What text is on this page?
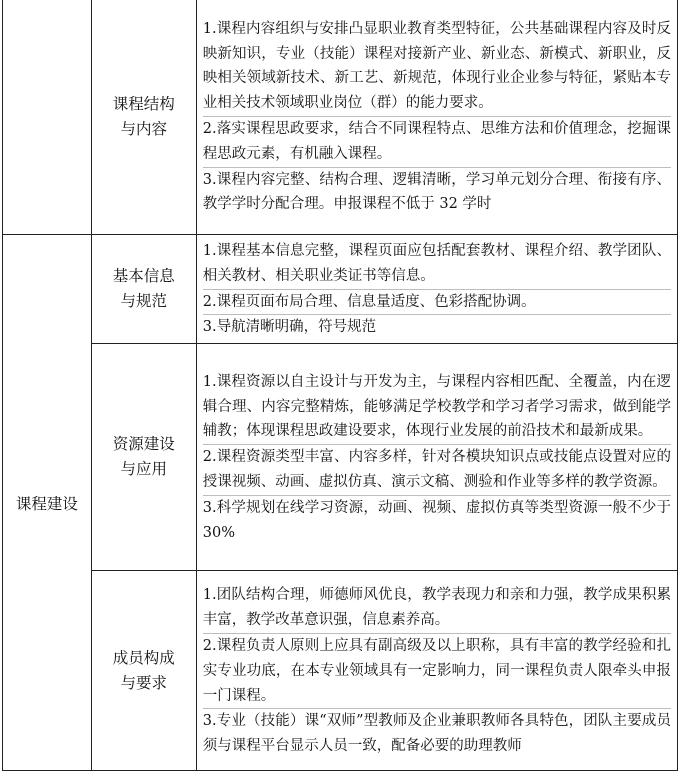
	课程结构与内容	1.课程内容组织与安排凸显职业教育类型特征，公共基础课程内容及时反映新知识，专业（技能）课程对接新产业、新业态、新模式、新职业，反映相关领域新技术、新工艺、新规范，体现行业企业参与特征，紧贴本专业相关技术领域职业岗位（群）的能力要求。

2.落实课程思政要求，结合不同课程特点、思维方法和价值理念，挖掘课程思政元素，有机融入课程。

3.课程内容完整、结构合理、逻辑清晰，学习单元划分合理、衔接有序、教学学时分配合理。申报课程不低于 32 学时

课程建设	基本信息与规范	1.课程基本信息完整，课程页面应包括配套教材、课程介绍、教学团队、相关教材、相关职业类证书等信息。

2.课程页面布局合理、信息量适度、色彩搭配协调。

3.导航清晰明确，符号规范

	资源建设与应用	1.课程资源以自主设计与开发为主，与课程内容相匹配、全覆盖，内在逻辑合理、内容完整精炼，能够满足学校教学和学习者学习需求，做到能学辅教；体现课程思政建设要求，体现行业发展的前沿技术和最新成果。

2.课程资源类型丰富、内容多样，针对各模块知识点或技能点设置对应的授课视频、动画、虚拟仿真、演示文稿、测验和作业等多样的教学资源。

3.科学规划在线学习资源，动画、视频、虚拟仿真等类型资源一般不少于 30%

	成员构成与要求	1.团队结构合理，师德师风优良，教学表现力和亲和力强，教学成果积累丰富，教学改革意识强，信息素养高。

2.课程负责人原则上应具有副高级及以上职称，具有丰富的教学经验和扎实专业功底，在本专业领域具有一定影响力，同一课程负责人限牵头申报一门课程。

3.专业（技能）课“双师”型教师及企业兼职教师各具特色，团队主要成员须与课程平台显示人员一致，配备必要的助理教师
